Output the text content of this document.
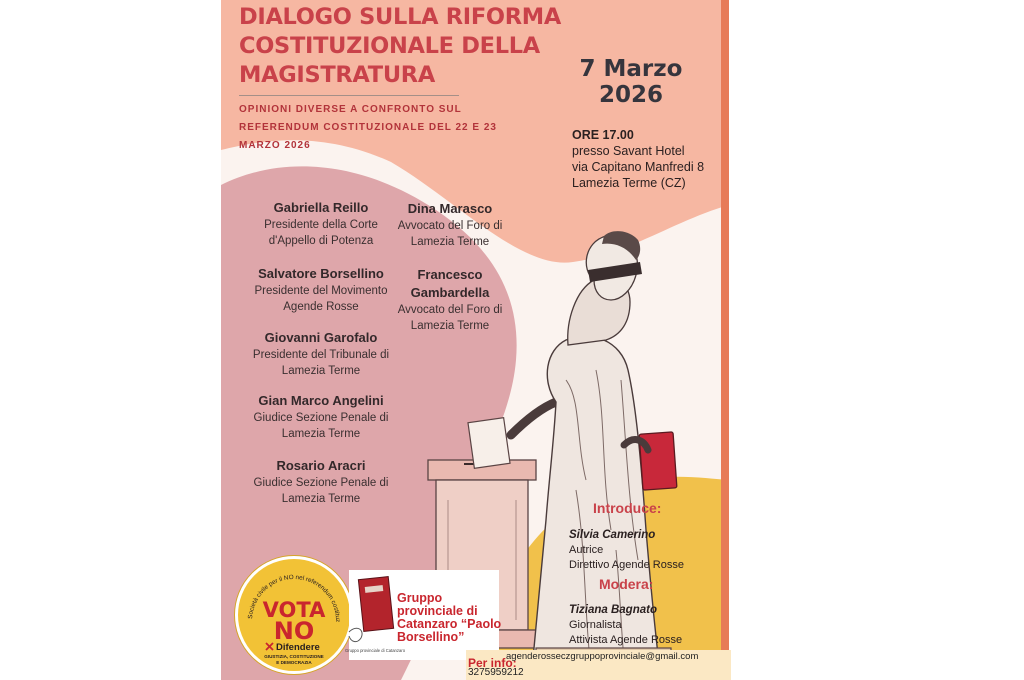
DIALOGO SULLA RIFORMA
COSTITUZIONALE DELLA
MAGISTRATURA
OPINIONI DIVERSE A CONFRONTO SUL
REFERENDUM COSTITUZIONALE DEL 22 E 23
MARZO 2026
7 Marzo
2026
ORE 17.00
presso Savant Hotel
via Capitano Manfredi 8
Lamezia Terme (CZ)
Gabriella Reillo
Presidente della Corte
d'Appello di Potenza
Salvatore Borsellino
Presidente del Movimento
Agende Rosse
Giovanni Garofalo
Presidente del Tribunale di
Lamezia Terme
Gian Marco Angelini
Giudice Sezione Penale di
Lamezia Terme
Rosario Aracri
Giudice Sezione Penale di
Lamezia Terme
Dina Marasco
Avvocato del Foro di
Lamezia Terme
Francesco
Gambardella
Avvocato del Foro di
Lamezia Terme
Introduce:
Silvia Camerino
Autrice
Direttivo Agende Rosse
Modera:
Tiziana Bagnato
Giornalista
Attivista Agende Rosse
Società civile per il NO nel referendum costituz
VOTA
NO
Difendere
GIUSTIZIA, COSTITUZIONE
E DEMOCRAZIA
Gruppo provinciale di Catanzaro
Gruppo
provinciale di
Catanzaro “Paolo
Borsellino”
Per info:
agenderosseczgruppoprovinciale@gmail.com
3275959212
